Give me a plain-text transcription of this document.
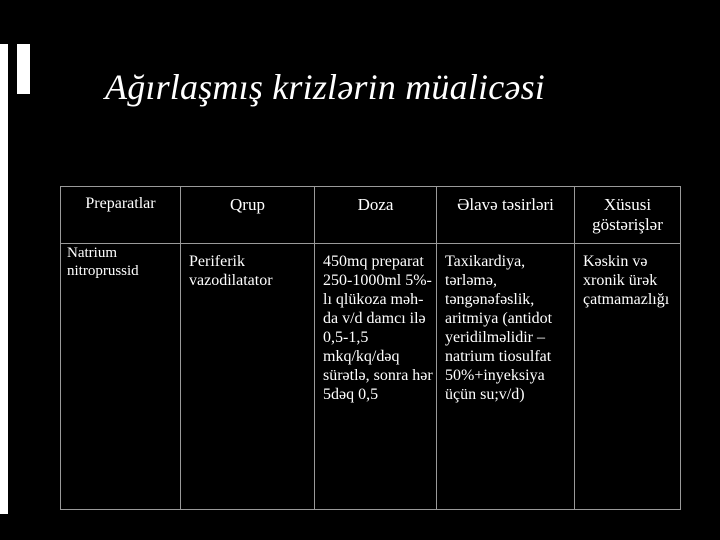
Ağırlaşmış krizlərin müalicəsi
Preparatlar	Qrup	Doza	Əlavə təsirləri	Xüsusi göstərişlər
Natrium nitroprussid	Periferik vazodilatator	450mq preparat 250-1000ml 5%-lı qlükoza məh-da v/d damcı ilə 0,5-1,5 mkq/kq/dəq sürətlə, sonra hər 5dəq 0,5	Taxikardiya, tərləmə, təngənəfəslik, aritmiya (antidot yeridilməlidir – natrium tiosulfat 50%+inyeksiya üçün su;v/d)	Kəskin və xronik ürək çatmamazlığı
